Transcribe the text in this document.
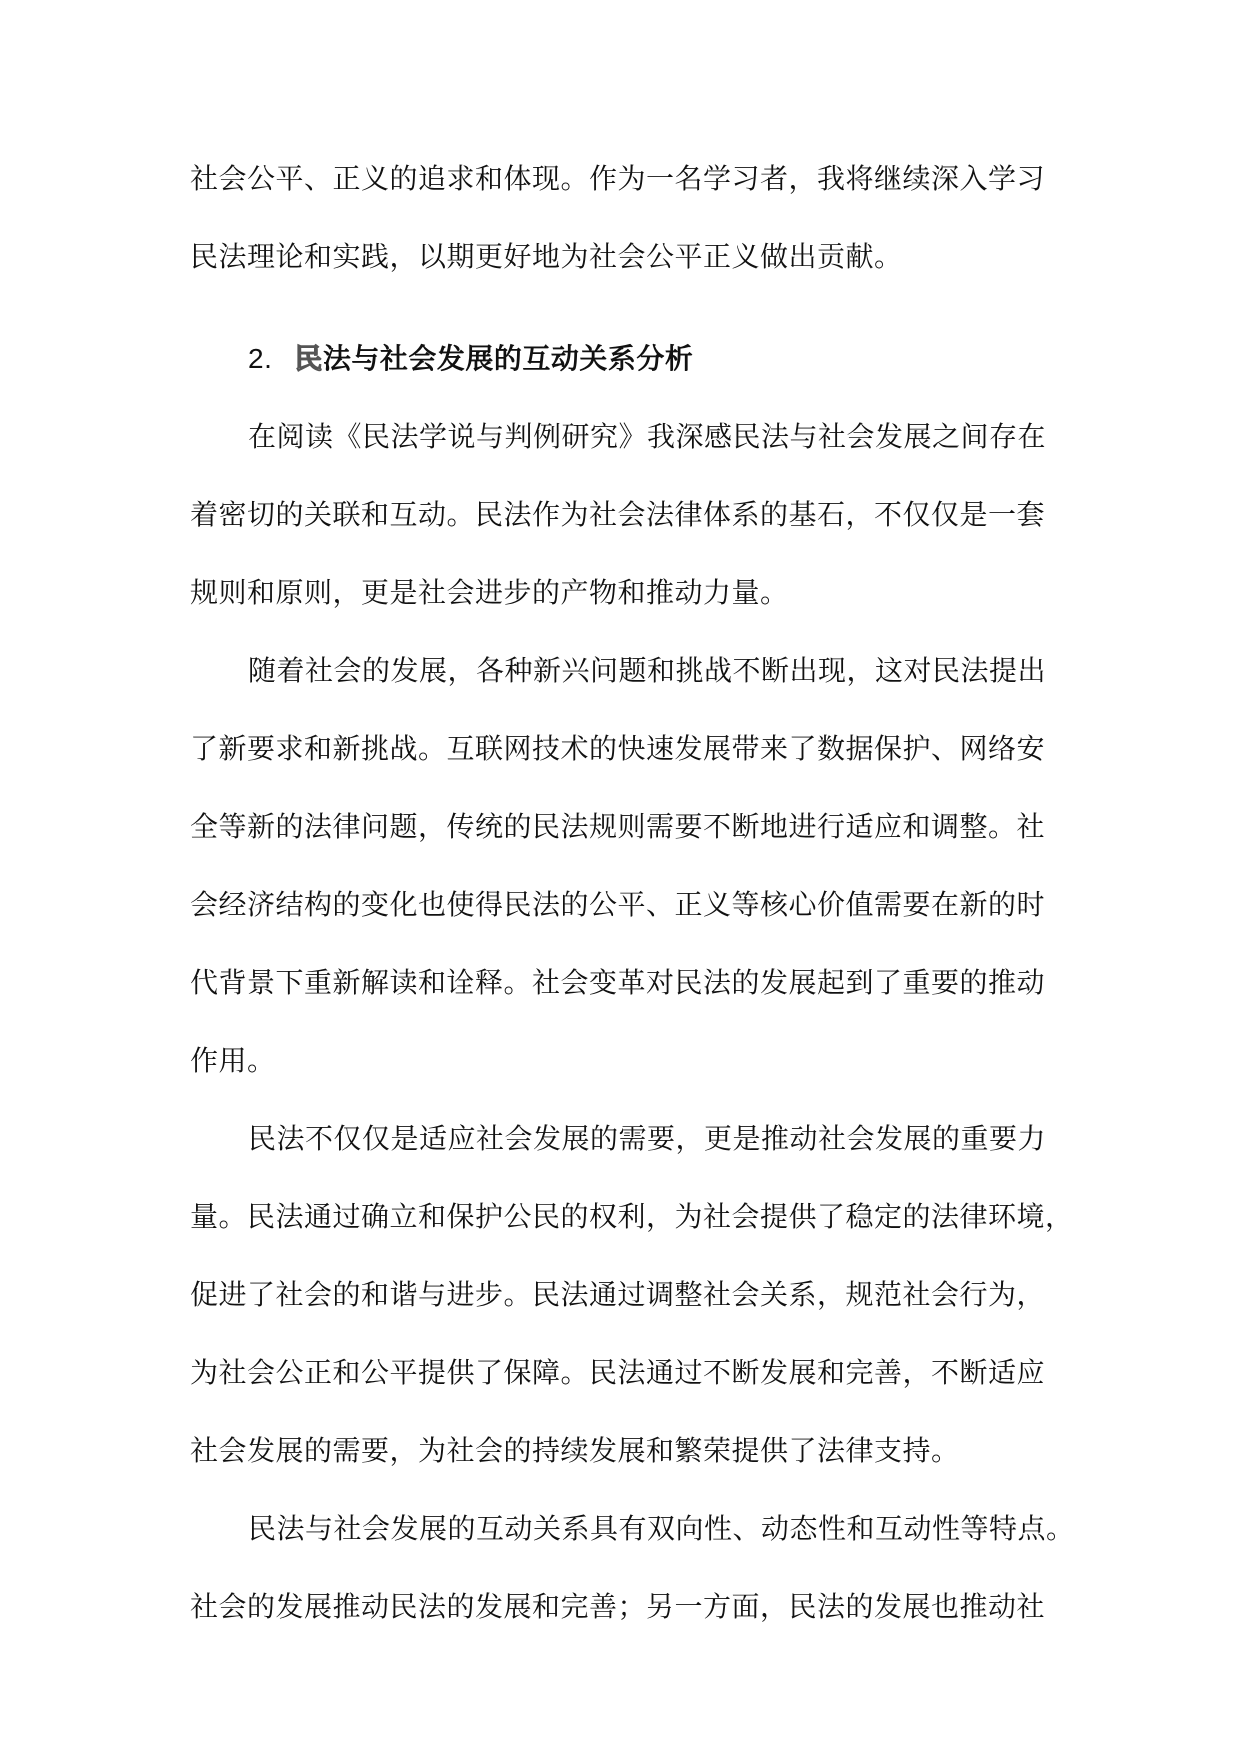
社会公平、正义的追求和体现。作为一名学习者，我将继续深入学习
民法理论和实践，以期更好地为社会公平正义做出贡献。
2. 民 法与社会发展的互动关系分析
在阅读《民法学说与判例研究》我深感民法与社会发展之间存在
着密切的关联和互动。民法作为社会法律体系的基石，不仅仅是一套
规则和原则，更是社会进步的产物和推动力量。
随着社会的发展，各种新兴问题和挑战不断出现，这对民法提出
了新要求和新挑战。互联网技术的快速发展带来了数据保护、网络安
全等新的法律问题，传统的民法规则需要不断地进行适应和调整。社
会经济结构的变化也使得民法的公平、正义等核心价值需要在新的时
代背景下重新解读和诠释。社会变革对民法的发展起到了重要的推动
作用。
民法不仅仅是适应社会发展的需要，更是推动社会发展的重要力
量。民法通过确立和保护公民的权利，为社会提供了稳定的法律环境，
促进了社会的和谐与进步。民法通过调整社会关系，规范社会行为，
为社会公正和公平提供了保障。民法通过不断发展和完善，不断适应
社会发展的需要，为社会的持续发展和繁荣提供了法律支持。
民法与社会发展的互动关系具有双向性、动态性和互动性等特点。
社会的发展推动民法的发展和完善；另一方面，民法的发展也推动社
